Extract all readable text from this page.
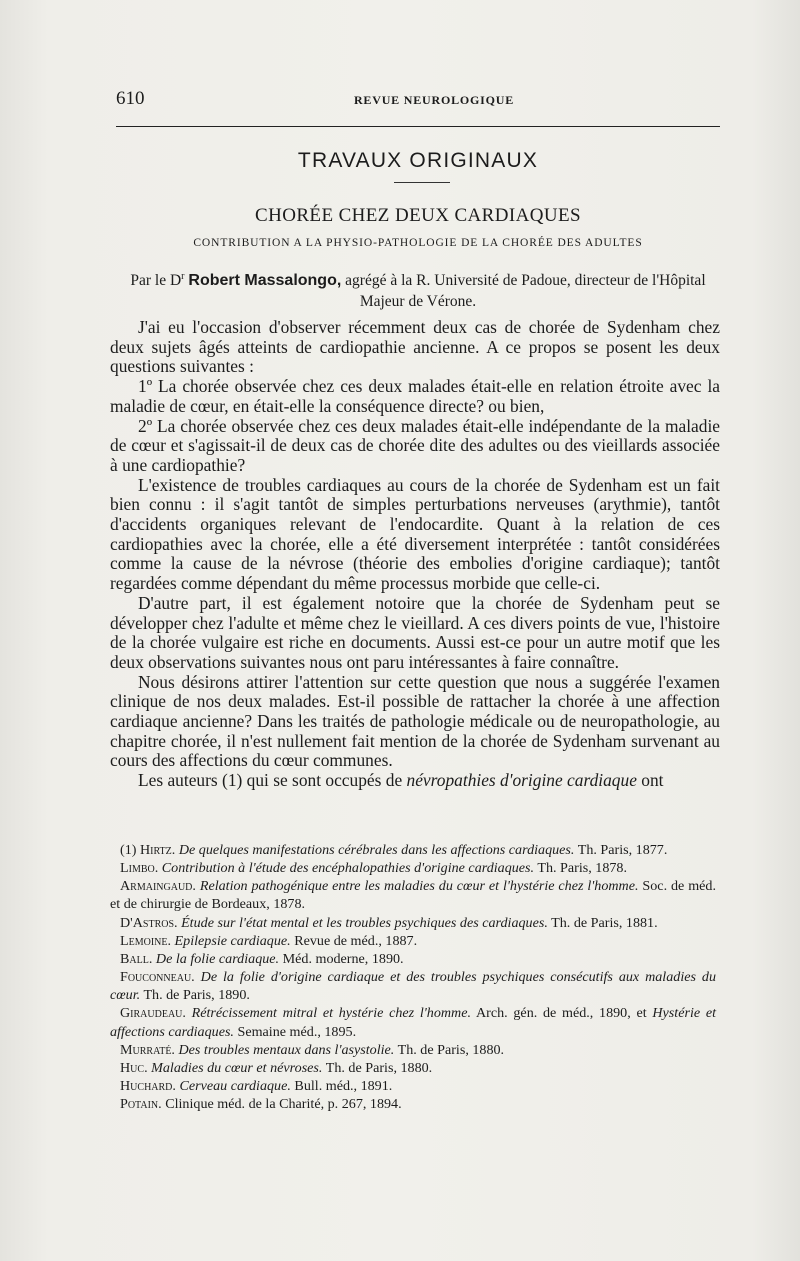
610	REVUE NEUROLOGIQUE
TRAVAUX ORIGINAUX
CHORÉE CHEZ DEUX CARDIAQUES
CONTRIBUTION A LA PHYSIO-PATHOLOGIE DE LA CHORÉE DES ADULTES
Par le $D^r$ Robert Massalongo, agrégé à la R. Université de Padoue, directeur de l'Hôpital Majeur de Vérone.

J'ai eu l'occasion d'observer récemment deux cas de chorée de Sydenham chez deux sujets âgés atteints de cardiopathie ancienne. A ce propos se posent les deux questions suivantes :

1º La chorée observée chez ces deux malades était-elle en relation étroite avec la maladie de cœur, en était-elle la conséquence directe? ou bien,

2º La chorée observée chez ces deux malades était-elle indépendante de la maladie de cœur et s'agissait-il de deux cas de chorée dite des adultes ou des vieillards associée à une cardiopathie?

L'existence de troubles cardiaques au cours de la chorée de Sydenham est un fait bien connu : il s'agit tantôt de simples perturbations nerveuses (arythmie), tantôt d'accidents organiques relevant de l'endocardite. Quant à la relation de ces cardiopathies avec la chorée, elle a été diversement interprétée : tantôt considérées comme la cause de la névrose (théorie des embolies d'origine cardiaque); tantôt regardées comme dépendant du même processus morbide que celle-ci.

D'autre part, il est également notoire que la chorée de Sydenham peut se développer chez l'adulte et même chez le vieillard. A ces divers points de vue, l'histoire de la chorée vulgaire est riche en documents. Aussi est-ce pour un autre motif que les deux observations suivantes nous ont paru intéressantes à faire connaître.

Nous désirons attirer l'attention sur cette question que nous a suggérée l'examen clinique de nos deux malades. Est-il possible de rattacher la chorée à une affection cardiaque ancienne? Dans les traités de pathologie médicale ou de neuropathologie, au chapitre chorée, il n'est nullement fait mention de la chorée de Sydenham survenant au cours des affections du cœur communes.

Les auteurs (1) qui se sont occupés de névropathies d'origine cardiaque ont

(1) Hirtz. De quelques manifestations cérébrales dans les affections cardiaques. Th. Paris, 1877.

Limbo. Contribution à l'étude des encéphalopathies d'origine cardiaques. Th. Paris, 1878.

Armaingaud. Relation pathogénique entre les maladies du cœur et l'hystérie chez l'homme. Soc. de méd. et de chirurgie de Bordeaux, 1878.

D'Astros. Étude sur l'état mental et les troubles psychiques des cardiaques. Th. de Paris, 1881.

Lemoine. Epilepsie cardiaque. Revue de méd., 1887.

Ball. De la folie cardiaque. Méd. moderne, 1890.

Fouconneau. De la folie d'origine cardiaque et des troubles psychiques consécutifs aux maladies du cœur. Th. de Paris, 1890.

Giraudeau. Rétrécissement mitral et hystérie chez l'homme. Arch. gén. de méd., 1890, et Hystérie et affections cardiaques. Semaine méd., 1895.

Murraté. Des troubles mentaux dans l'asystolie. Th. de Paris, 1880.

Huc. Maladies du cœur et névroses. Th. de Paris, 1880.

Huchard. Cerveau cardiaque. Bull. méd., 1891.

Potain. Clinique méd. de la Charité, p. 267, 1894.
